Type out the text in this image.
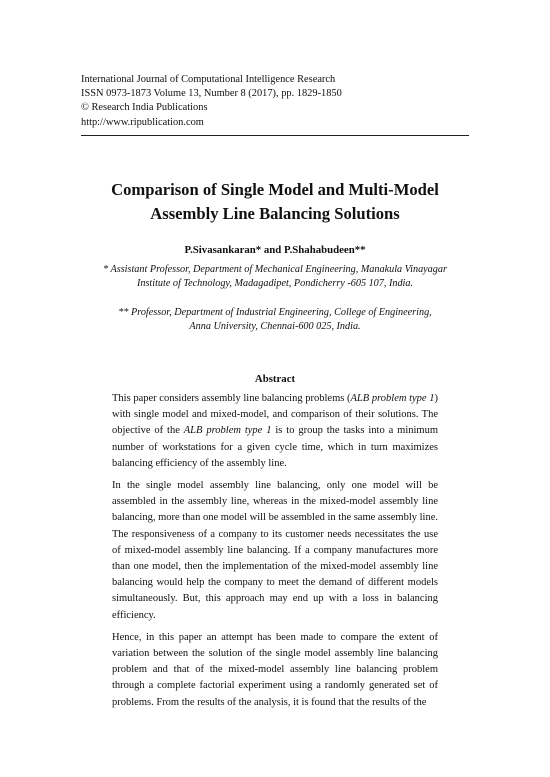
International Journal of Computational Intelligence Research
ISSN 0973-1873 Volume 13, Number 8 (2017), pp. 1829-1850
© Research India Publications
http://www.ripublication.com
Comparison of Single Model and Multi-Model
Assembly Line Balancing Solutions
P.Sivasankaran* and P.Shahabudeen**
* Assistant Professor, Department of Mechanical Engineering, Manakula Vinayagar
Institute of Technology, Madagadipet, Pondicherry -605 107, India.
** Professor, Department of Industrial Engineering, College of Engineering,
Anna University, Chennai-600 025, India.
Abstract

This paper considers assembly line balancing problems (ALB problem type 1) with single model and mixed-model, and comparison of their solutions. The objective of the ALB problem type 1 is to group the tasks into a minimum number of workstations for a given cycle time, which in turn maximizes balancing efficiency of the assembly line.

In the single model assembly line balancing, only one model will be assembled in the assembly line, whereas in the mixed-model assembly line balancing, more than one model will be assembled in the same assembly line. The responsiveness of a company to its customer needs necessitates the use of mixed-model assembly line balancing. If a company manufactures more than one model, then the implementation of the mixed-model assembly line balancing would help the company to meet the demand of different models simultaneously. But, this approach may end up with a loss in balancing efficiency.

Hence, in this paper an attempt has been made to compare the extent of variation between the solution of the single model assembly line balancing problem and that of the mixed-model assembly line balancing problem through a complete factorial experiment using a randomly generated set of problems. From the results of the analysis, it is found that the results of the
